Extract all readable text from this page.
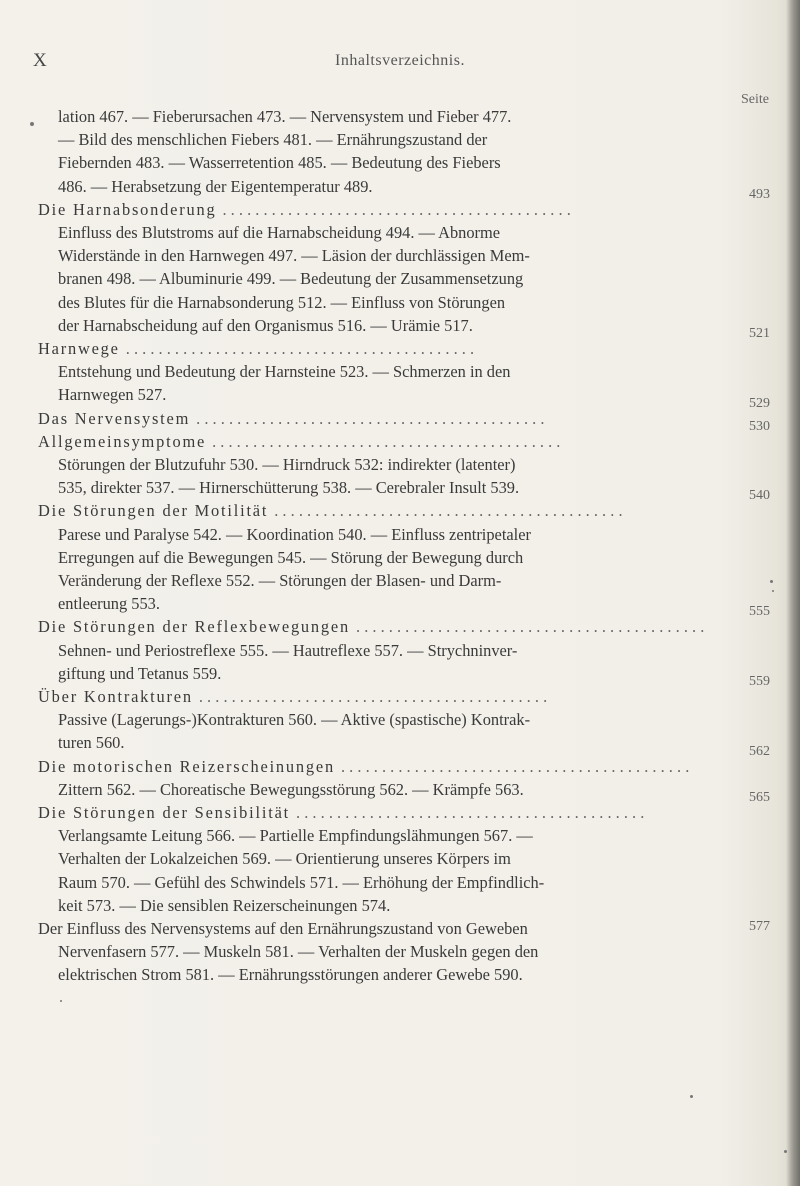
X	Inhaltsverzeichnis.
Seite
lation 467. — Fieberursachen 473. — Nervensystem und Fieber 477.
— Bild des menschlichen Fiebers 481. — Ernährungszustand der
Fiebernden 483. — Wasserretention 485. — Bedeutung des Fiebers
486. — Herabsetzung der Eigentemperatur 489.
Die Harnabsonderung . . . . . . . . . . . . . . . . . . . . . . . . . . . . . . . . . . . . . . . . . . .
493
Einfluss des Blutstroms auf die Harnabscheidung 494. — Abnorme
Widerstände in den Harnwegen 497. — Läsion der durchlässigen Mem-
branen 498. — Albuminurie 499. — Bedeutung der Zusammensetzung
des Blutes für die Harnabsonderung 512. — Einfluss von Störungen
der Harnabscheidung auf den Organismus 516. — Urämie 517.
Harnwege . . . . . . . . . . . . . . . . . . . . . . . . . . . . . . . . . . . . . . . . . . .
521
Entstehung und Bedeutung der Harnsteine 523. — Schmerzen in den
Harnwegen 527.
Das Nervensystem . . . . . . . . . . . . . . . . . . . . . . . . . . . . . . . . . . . . . . . . . . .
529
Allgemeinsymptome . . . . . . . . . . . . . . . . . . . . . . . . . . . . . . . . . . . . . . . . . . .
530
Störungen der Blutzufuhr 530. — Hirndruck 532: indirekter (latenter)
535, direkter 537. — Hirnerschütterung 538. — Cerebraler Insult 539.
Die Störungen der Motilität . . . . . . . . . . . . . . . . . . . . . . . . . . . . . . . . . . . . . . . . . . .
540
Parese und Paralyse 542. — Koordination 540. — Einfluss zentripetaler
Erregungen auf die Bewegungen 545. — Störung der Bewegung durch
Veränderung der Reflexe 552. — Störungen der Blasen- und Darm-
entleerung 553.
Die Störungen der Reflexbewegungen . . . . . . . . . . . . . . . . . . . . . . . . . . . . . . . . . . . . . . . . . . .
555
Sehnen- und Periostreflexe 555. — Hautreflexe 557. — Strychninver-
giftung und Tetanus 559.
Über Kontrakturen . . . . . . . . . . . . . . . . . . . . . . . . . . . . . . . . . . . . . . . . . . .
559
Passive (Lagerungs-)Kontrakturen 560. — Aktive (spastische) Kontrak-
turen 560.
Die motorischen Reizerscheinungen . . . . . . . . . . . . . . . . . . . . . . . . . . . . . . . . . . . . . . . . . . .
562
Zittern 562. — Choreatische Bewegungsstörung 562. — Krämpfe 563.
Die Störungen der Sensibilität . . . . . . . . . . . . . . . . . . . . . . . . . . . . . . . . . . . . . . . . . . .
565
Verlangsamte Leitung 566. — Partielle Empfindungslähmungen 567. —
Verhalten der Lokalzeichen 569. — Orientierung unseres Körpers im
Raum 570. — Gefühl des Schwindels 571. — Erhöhung der Empfindlich-
keit 573. — Die sensiblen Reizerscheinungen 574.
Der Einfluss des Nervensystems auf den Ernährungszustand von Geweben	577
Nervenfasern 577. — Muskeln 581. — Verhalten der Muskeln gegen den
elektrischen Strom 581. — Ernährungsstörungen anderer Gewebe 590.
